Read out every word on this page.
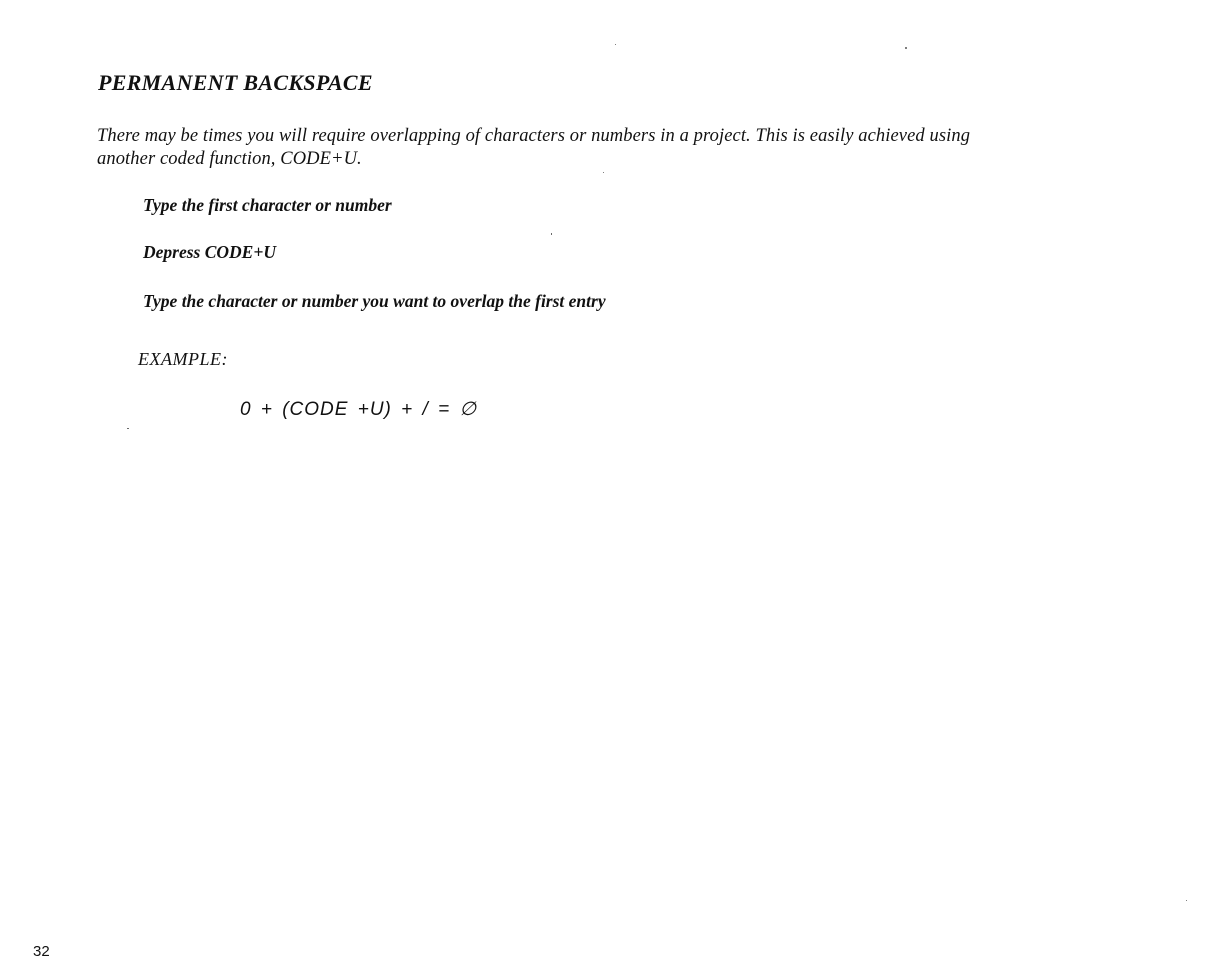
PERMANENT BACKSPACE

There may be times you will require overlapping of characters or numbers in a project. This is easily achieved using
another coded function, CODE+U.

Type the first character or number

Depress CODE+U

Type the character or number you want to overlap the first entry

EXAMPLE:

0 + (CODE +U) + / = ∅

32
